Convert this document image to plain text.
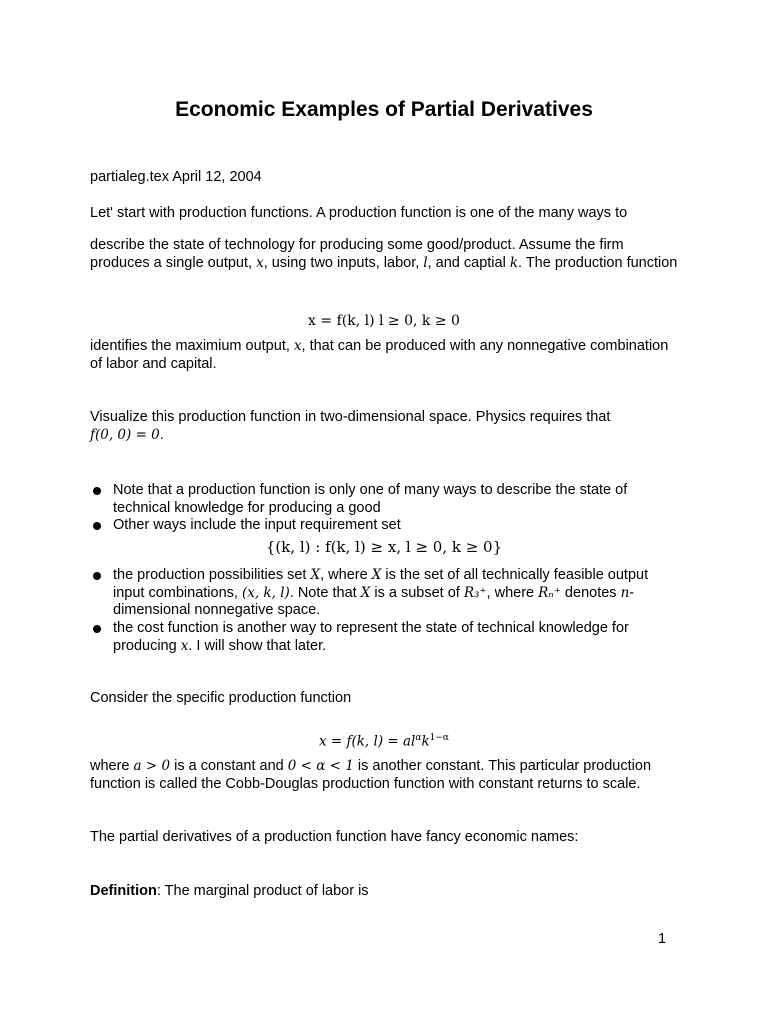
Economic Examples of Partial Derivatives
partialeg.tex April 12, 2004
Let' start with production functions. A production function is one of the many ways to
describe the state of technology for producing some good/product. Assume the firm produces a single output, x, using two inputs, labor, l, and captial k. The production function
x = f(k, l) l ≥ 0, k ≥ 0
identifies the maximium output, x, that can be produced with any nonnegative combination of labor and capital.
Visualize this production function in two-dimensional space. Physics requires that
f(0, 0) = 0.
Note that a production function is only one of many ways to describe the state of technical knowledge for producing a good
Other ways include the input requirement set
{(k, l) : f(k, l) ≥ x, l ≥ 0, k ≥ 0}
the production possibilities set X, where X is the set of all technically feasible output input combinations, (x, k, l). Note that X is a subset of R₃⁺, where Rₙ⁺ denotes n-dimensional nonnegative space.
the cost function is another way to represent the state of technical knowledge for producing x. I will show that later.
Consider the specific production function
x = f(k, $l) = al^\alpha k^{1-\alpha}$
where a > 0 is a constant and 0 < α < 1 is another constant. This particular production function is called the Cobb-Douglas production function with constant returns to scale.
The partial derivatives of a production function have fancy economic names:
Definition: The marginal product of labor is
1
